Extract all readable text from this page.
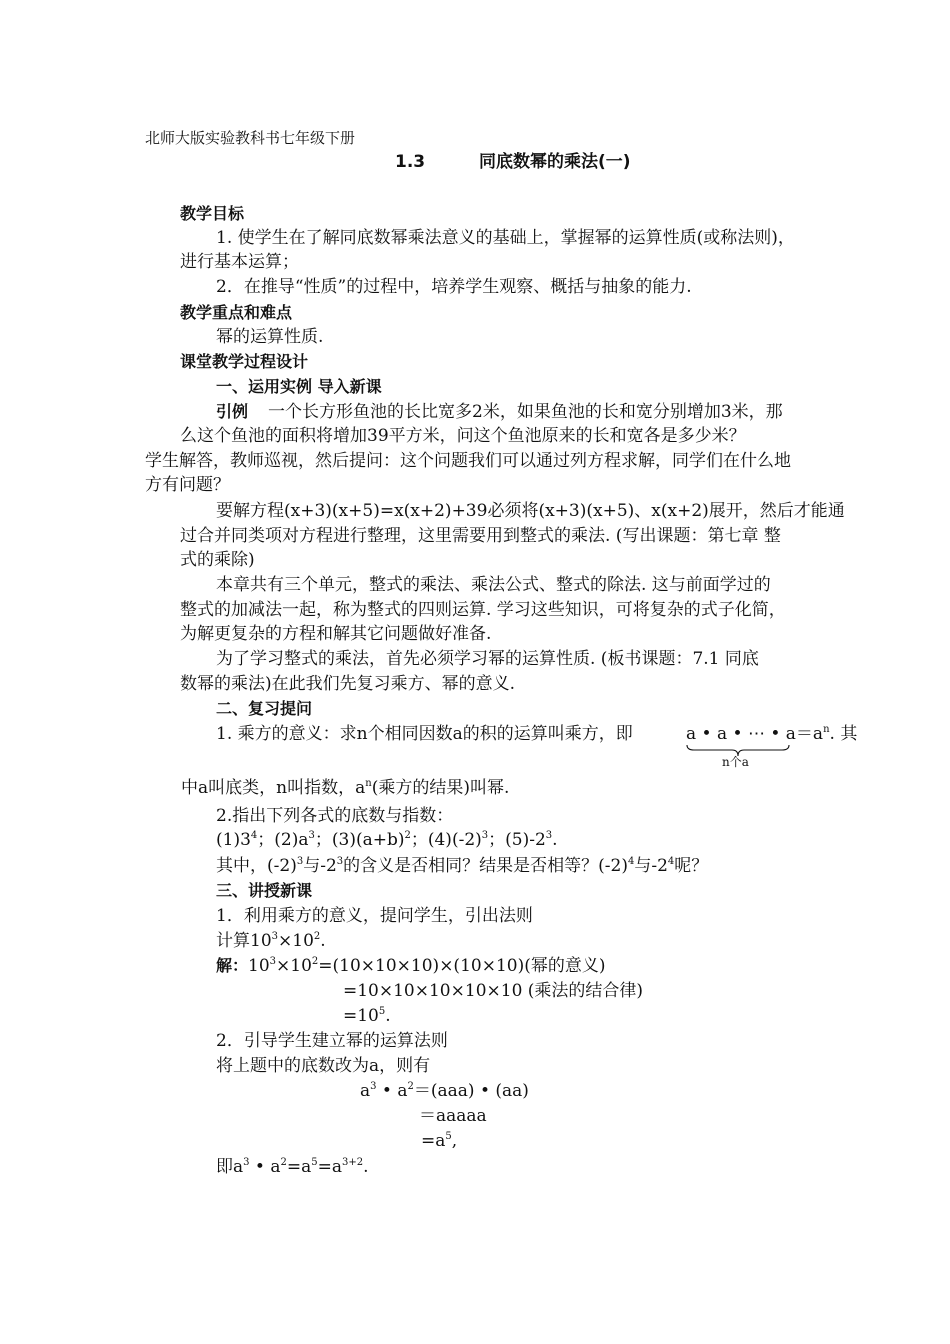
北师大版实验教科书七年级下册
1.3	同底数幂的乘法(一)
教学目标
1. 使学生在了解同底数幂乘法意义的基础上，掌握幂的运算性质(或称法则)，
进行基本运算；
2．在推导“性质”的过程中，培养学生观察、概括与抽象的能力.
教学重点和难点
幂的运算性质.
课堂教学过程设计
一、运用实例 导入新课
引例 一个长方形鱼池的长比宽多2米，如果鱼池的长和宽分别增加3米，那
么这个鱼池的面积将增加39平方米，问这个鱼池原来的长和宽各是多少米？
学生解答，教师巡视，然后提问：这个问题我们可以通过列方程求解，同学们在什么地
方有问题？
要解方程(x+3)(x+5)=x(x+2)+39必须将(x+3)(x+5)、x(x+2)展开，然后才能通
过合并同类项对方程进行整理，这里需要用到整式的乘法. (写出课题：第七章 整
式的乘除)
本章共有三个单元，整式的乘法、乘法公式、整式的除法. 这与前面学过的
整式的加减法一起，称为整式的四则运算. 学习这些知识，可将复杂的式子化简，
为解更复杂的方程和解其它问题做好准备.
为了学习整式的乘法，首先必须学习幂的运算性质. (板书课题：7.1 同底
数幂的乘法)在此我们先复习乘方、幂的意义.
二、复习提问
1. 乘方的意义：求n个相同因数a的积的运算叫乘方，即	a • a • ⋯ • $a=a^n$. 其
n个a
中a叫底类，n叫指数，$a^n$(乘方的结果)叫幂.
2.指出下列各式的底数与指数：
$(1)3^4$；$(2)a^3$；$(3)(a+b)^2$；$(4)(-2)^3$；$(5)-2^3$.
其中，$(-2)^3$与$-2^3$的含义是否相同？结果是否相等？$(-2)^4$与$-2^4$呢？
三、讲授新课
1．利用乘方的意义，提问学生，引出法则
计算$10^3\times 10^2$.
解：$10^3\times 10^2=(10\times 10\times 10)\times(10\times 10)$(幂的意义)
=10×10×10×10×10 (乘法的结合律)
$=10^5$.
2．引导学生建立幂的运算法则
将上题中的底数改为a，则有
$a^3$ • $a^2=(aaa)$ • (aa)
＝aaaaa
$=a^5$,
即$a^3$ • $a^2=a^5=a^{3+2}$.
